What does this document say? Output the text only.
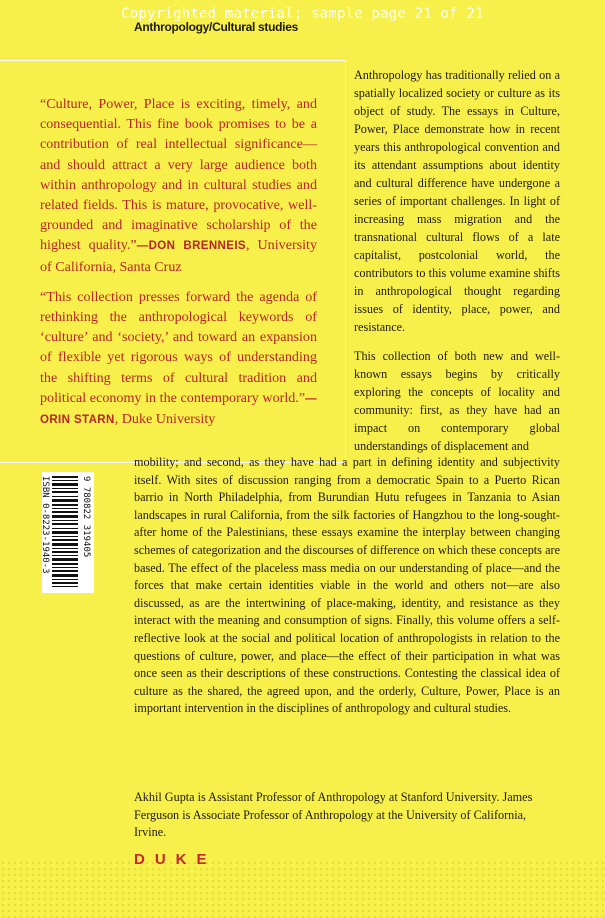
Copyrighted material; sample page 21 of 21
Anthropology/Cultural studies

“Culture, Power, Place is exciting, timely, and consequential. This fine book promises to be a contribution of real intellectual significance—and should attract a very large audience both within anthropology and in cultural studies and related fields. This is mature, provocative, well-grounded and imaginative scholarship of the highest quality.”—DON BRENNEIS, University of California, Santa Cruz

“This collection presses forward the agenda of rethinking the anthropological keywords of ‘culture’ and ‘society,’ and toward an expansion of flexible yet rigorous ways of understanding the shifting terms of cultural tradition and political economy in the contemporary world.”—ORIN STARN, Duke University

Anthropology has traditionally relied on a spatially localized society or culture as its object of study. The essays in Culture, Power, Place demonstrate how in recent years this anthropological convention and its attendant assumptions about identity and cultural difference have undergone a series of important challenges. In light of increasing mass migration and the transnational cultural flows of a late capitalist, postcolonial world, the contributors to this volume examine shifts in anthropological thought regarding issues of identity, place, power, and resistance.

This collection of both new and well-known essays begins by critically exploring the concepts of locality and community: first, as they have had an impact on contemporary global understandings of displacement and

mobility; and second, as they have had a part in defining identity and subjectivity itself. With sites of discussion ranging from a democratic Spain to a Puerto Rican barrio in North Philadelphia, from Burundian Hutu refugees in Tanzania to Asian landscapes in rural California, from the silk factories of Hangzhou to the long-sought-after home of the Palestinians, these essays examine the interplay between changing schemes of categorization and the discourses of difference on which these concepts are based. The effect of the placeless mass media on our understanding of place—and the forces that make certain identities viable in the world and others not—are also discussed, as are the intertwining of place-making, identity, and resistance as they interact with the meaning and consumption of signs. Finally, this volume offers a self-reflective look at the social and political location of anthropologists in relation to the questions of culture, power, and place—the effect of their participation in what was once seen as their descriptions of these constructions. Contesting the classical idea of culture as the shared, the agreed upon, and the orderly, Culture, Power, Place is an important intervention in the disciplines of anthropology and cultural studies.

Akhil Gupta is Assistant Professor of Anthropology at Stanford University. James Ferguson is Associate Professor of Anthropology at the University of California, Irvine.

ISBN 0-8223-1940-3	9 780822 319405
DUKE
